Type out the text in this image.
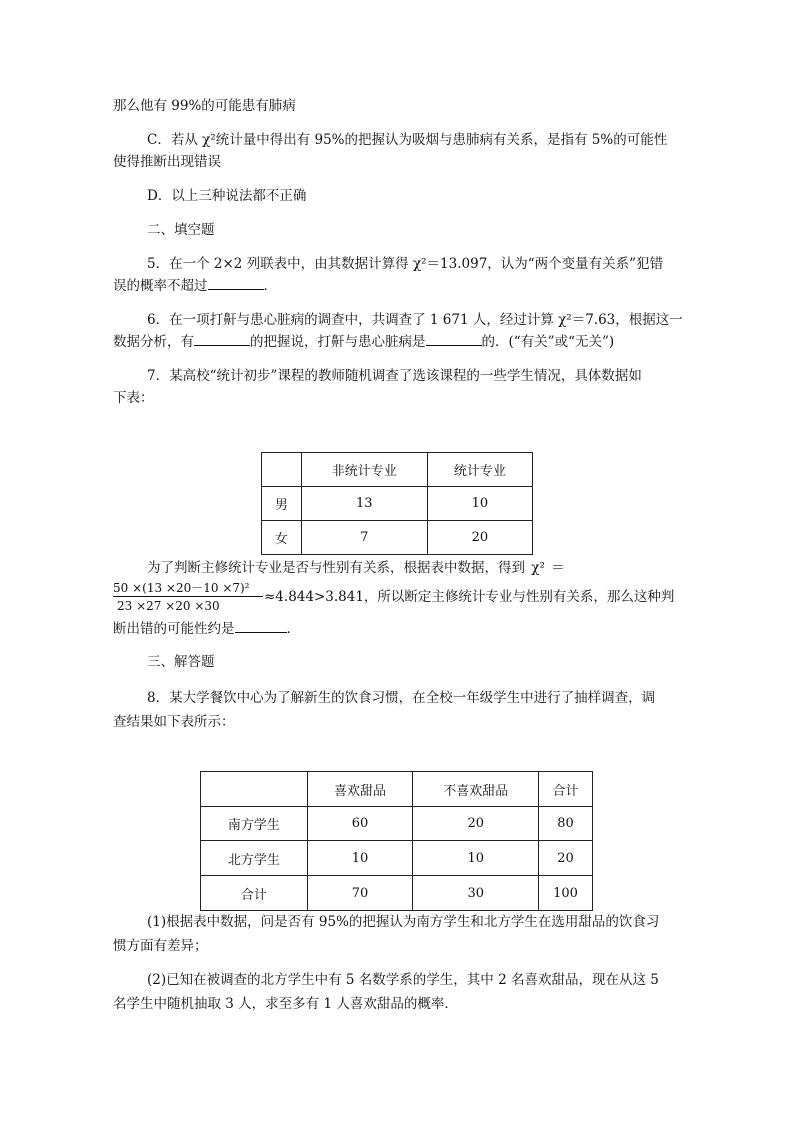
那么他有 99%的可能患有肺病
C．若从 χ²统计量中得出有 95%的把握认为吸烟与患肺病有关系，是指有 5%的可能性
使得推断出现错误
D．以上三种说法都不正确
二、填空题
5．在一个 2×2 列联表中，由其数据计算得 χ²＝13.097，认为“两个变量有关系”犯错
误的概率不超过	．
6．在一项打鼾与患心脏病的调查中，共调查了 1 671 人，经过计算 χ²＝7.63，根据这一
数据分析，有	的把握说，打鼾与患心脏病是	的．(“有关”或“无关”)
7．某高校“统计初步”课程的教师随机调查了选该课程的一些学生情况，具体数据如
下表：
	非统计专业	统计专业
男	13	10
女	7	20
为了判断主修统计专业是否与性别有关系，根据表中数据，得到 χ² ＝
50 ×(13 ×20－10 ×7)²
23 ×27 ×20 ×30
≈4.844>3.841，所以断定主修统计专业与性别有关系，那么这种判
断出错的可能性约是	．
三、解答题
8．某大学餐饮中心为了解新生的饮食习惯，在全校一年级学生中进行了抽样调查，调
查结果如下表所示：
	喜欢甜品	不喜欢甜品	合计
南方学生	60	20	80
北方学生	10	10	20
合计	70	30	100
(1)根据表中数据，问是否有 95%的把握认为南方学生和北方学生在选用甜品的饮食习
惯方面有差异；
(2)已知在被调查的北方学生中有 5 名数学系的学生，其中 2 名喜欢甜品，现在从这 5
名学生中随机抽取 3 人，求至多有 1 人喜欢甜品的概率．
